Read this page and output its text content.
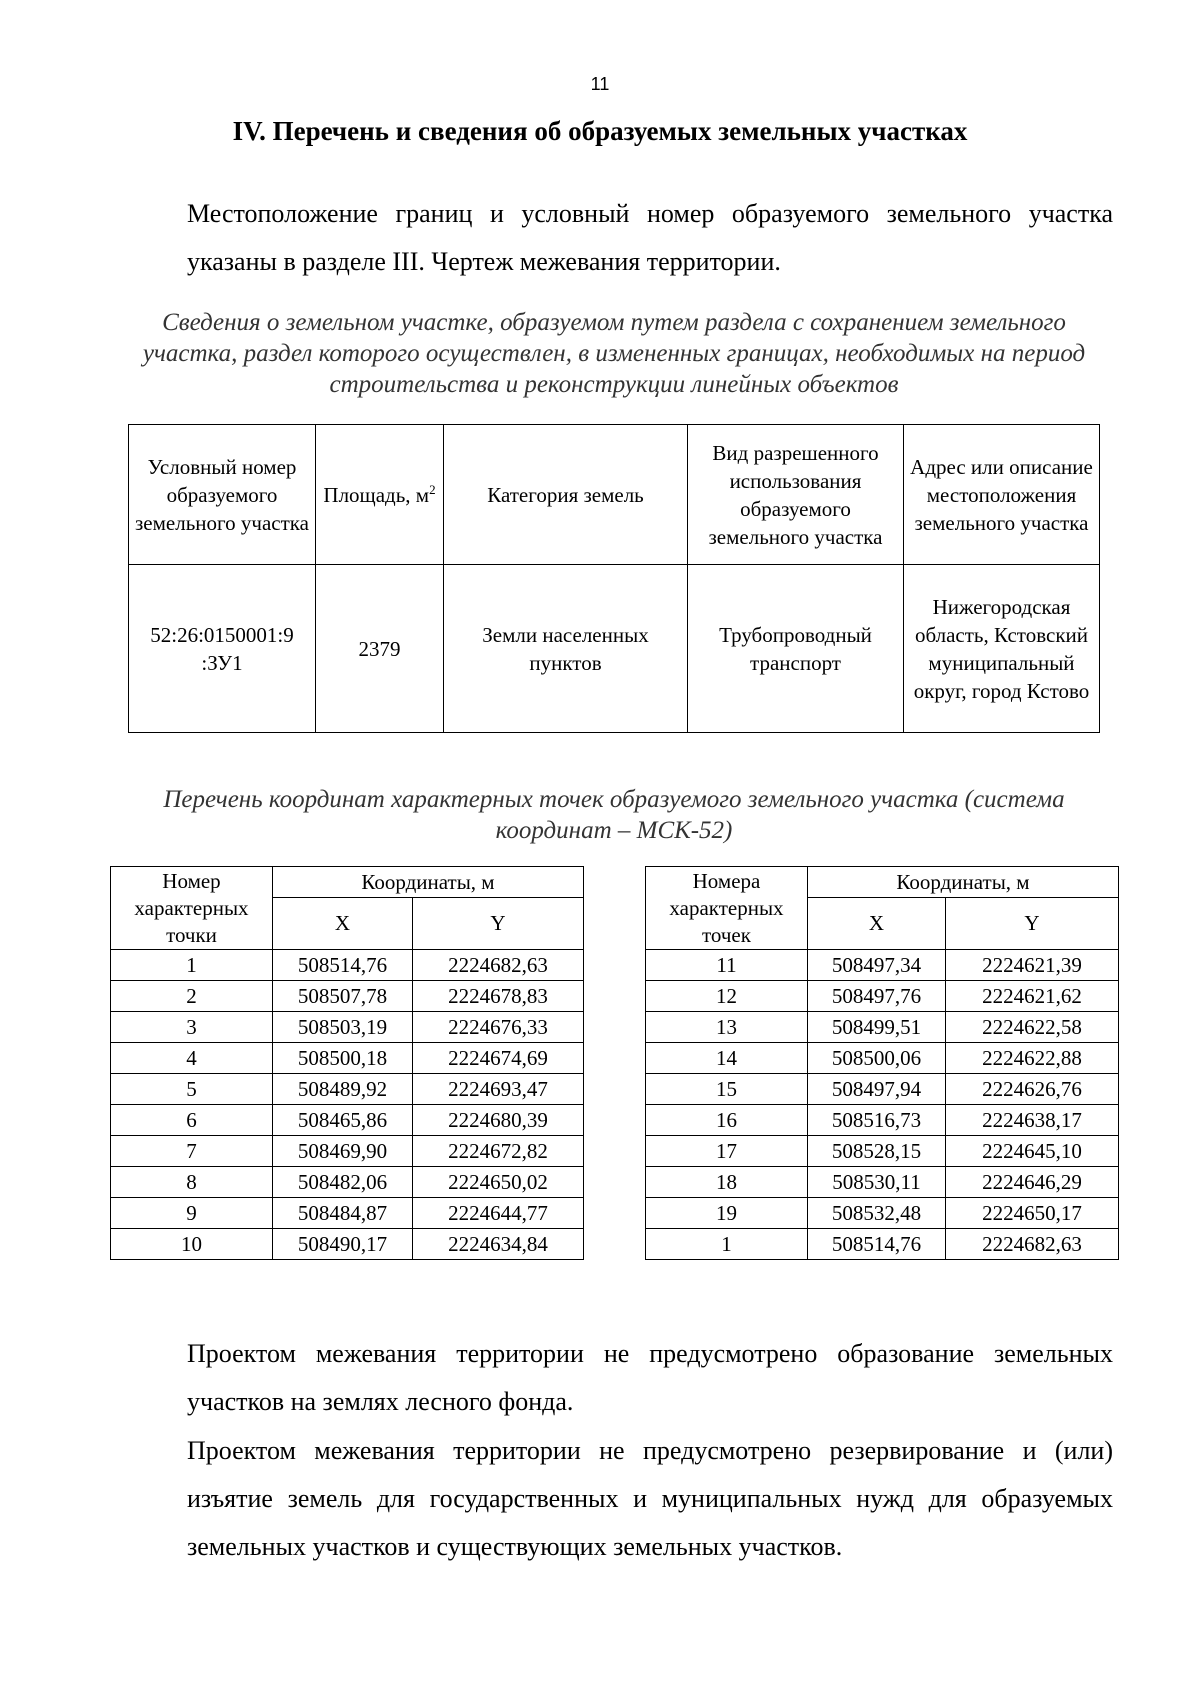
11
IV. Перечень и сведения об образуемых земельных участках
Местоположение границ и условный номер образуемого земельного участка указаны в разделе III. Чертеж межевания территории.
Сведения о земельном участке, образуемом путем раздела с сохранением земельного участка, раздел которого осуществлен, в измененных границах, необходимых на период строительства и реконструкции линейных объектов
Условный номер образуемого земельного участка	Площадь, $м^2$	Категория земель	Вид разрешенного использования образуемого земельного участка	Адрес или описание местоположения земельного участка
52:26:0150001:9 :ЗУ1	2379	Земли населенных пунктов	Трубопроводный транспорт	Нижегородская область, Кстовский муниципальный округ, город Кстово
Перечень координат характерных точек образуемого земельного участка (система координат – МСК-52)
Номер характерных точки	Координаты, м	
	X	Y
1	508514,76	2224682,63
2	508507,78	2224678,83
3	508503,19	2224676,33
4	508500,18	2224674,69
5	508489,92	2224693,47
6	508465,86	2224680,39
7	508469,90	2224672,82
8	508482,06	2224650,02
9	508484,87	2224644,77
10	508490,17	2224634,84
Номера характерных точек	Координаты, м	
	X	Y
11	508497,34	2224621,39
12	508497,76	2224621,62
13	508499,51	2224622,58
14	508500,06	2224622,88
15	508497,94	2224626,76
16	508516,73	2224638,17
17	508528,15	2224645,10
18	508530,11	2224646,29
19	508532,48	2224650,17
1	508514,76	2224682,63
Проектом межевания территории не предусмотрено образование земельных участков на землях лесного фонда.
Проектом межевания территории не предусмотрено резервирование и (или) изъятие земель для государственных и муниципальных нужд для образуемых земельных участков и существующих земельных участков.
